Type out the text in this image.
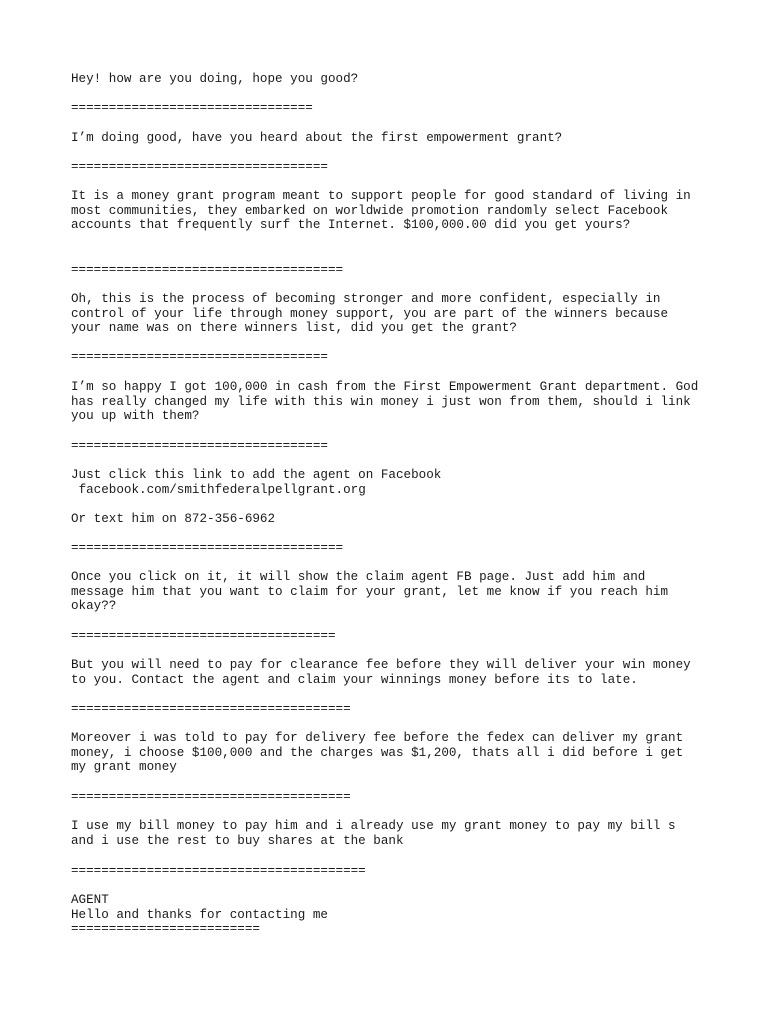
Hey! how are you doing, hope you good?
================================
I’m doing good, have you heard about the first empowerment grant?
==================================
It is a money grant program meant to support people for good standard of living in
most communities, they embarked on worldwide promotion randomly select Facebook
accounts that frequently surf the Internet. $100,000.00 did you get yours?
====================================
Oh, this is the process of becoming stronger and more confident, especially in
control of your life through money support, you are part of the winners because
your name was on there winners list, did you get the grant?
==================================
I’m so happy I got 100,000 in cash from the First Empowerment Grant department. God
has really changed my life with this win money i just won from them, should i link
you up with them?
==================================
Just click this link to add the agent on Facebook
facebook.com/smithfederalpellgrant.org
Or text him on 872-356-6962
====================================
Once you click on it, it will show the claim agent FB page. Just add him and
message him that you want to claim for your grant, let me know if you reach him
okay??
===================================
But you will need to pay for clearance fee before they will deliver your win money
to you. Contact the agent and claim your winnings money before its to late.
=====================================
Moreover i was told to pay for delivery fee before the fedex can deliver my grant
money, i choose $100,000 and the charges was $1,200, thats all i did before i get
my grant money
=====================================
I use my bill money to pay him and i already use my grant money to pay my bill s
and i use the rest to buy shares at the bank
=======================================
AGENT
Hello and thanks for contacting me
=========================
